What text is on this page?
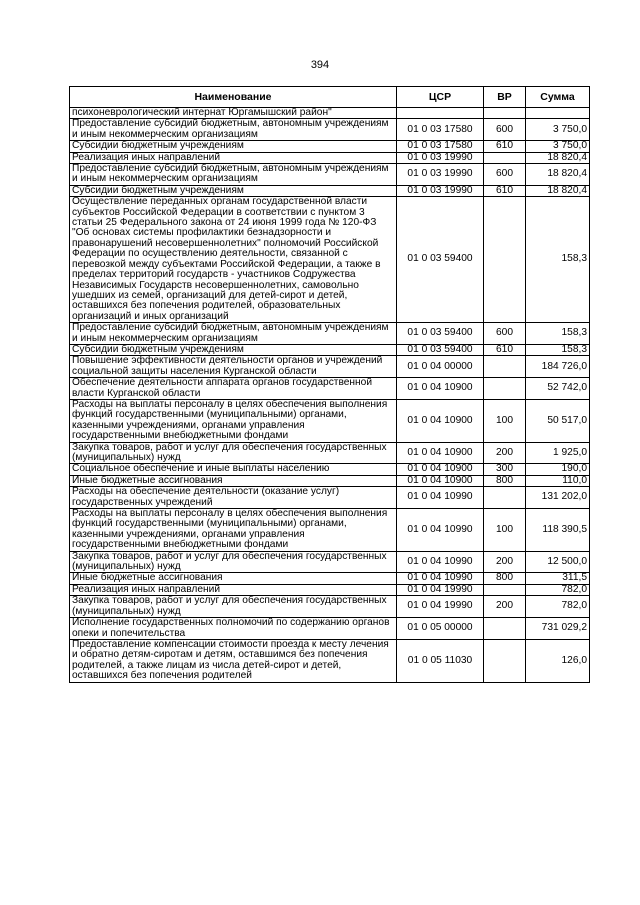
394
Наименование	ЦСР	ВР	Сумма
психоневрологический интернат Юргамышский район"			
Предоставление субсидий бюджетным, автономным учреждениям и иным некоммерческим организациям	01 0 03 17580	600	3 750,0
Субсидии бюджетным учреждениям	01 0 03 17580	610	3 750,0
Реализация иных направлений	01 0 03 19990		18 820,4
Предоставление субсидий бюджетным, автономным учреждениям и иным некоммерческим организациям	01 0 03 19990	600	18 820,4
Субсидии бюджетным учреждениям	01 0 03 19990	610	18 820,4
Осуществление переданных органам государственной власти субъектов Российской Федерации в соответствии с пунктом 3 статьи 25 Федерального закона от 24 июня 1999 года № 120-ФЗ "Об основах системы профилактики безнадзорности и правонарушений несовершеннолетних" полномочий Российской Федерации по осуществлению деятельности, связанной с перевозкой между субъектами Российской Федерации, а также в пределах территорий государств - участников Содружества Независимых Государств несовершеннолетних, самовольно ушедших из семей, организаций для детей-сирот и детей, оставшихся без попечения родителей, образовательных организаций и иных организаций	01 0 03 59400		158,3
Предоставление субсидий бюджетным, автономным учреждениям и иным некоммерческим организациям	01 0 03 59400	600	158,3
Субсидии бюджетным учреждениям	01 0 03 59400	610	158,3
Повышение эффективности деятельности органов и учреждений социальной защиты населения Курганской области	01 0 04 00000		184 726,0
Обеспечение деятельности аппарата органов государственной власти Курганской области	01 0 04 10900		52 742,0
Расходы на выплаты персоналу в целях обеспечения выполнения функций государственными (муниципальными) органами, казенными учреждениями, органами управления государственными внебюджетными фондами	01 0 04 10900	100	50 517,0
Закупка товаров, работ и услуг для обеспечения государственных (муниципальных) нужд	01 0 04 10900	200	1 925,0
Социальное обеспечение и иные выплаты населению	01 0 04 10900	300	190,0
Иные бюджетные ассигнования	01 0 04 10900	800	110,0
Расходы на обеспечение деятельности (оказание услуг) государственных учреждений	01 0 04 10990		131 202,0
Расходы на выплаты персоналу в целях обеспечения выполнения функций государственными (муниципальными) органами, казенными учреждениями, органами управления государственными внебюджетными фондами	01 0 04 10990	100	118 390,5
Закупка товаров, работ и услуг для обеспечения государственных (муниципальных) нужд	01 0 04 10990	200	12 500,0
Иные бюджетные ассигнования	01 0 04 10990	800	311,5
Реализация иных направлений	01 0 04 19990		782,0
Закупка товаров, работ и услуг для обеспечения государственных (муниципальных) нужд	01 0 04 19990	200	782,0
Исполнение государственных полномочий по содержанию органов опеки и попечительства	01 0 05 00000		731 029,2
Предоставление компенсации стоимости проезда к месту лечения и обратно детям-сиротам и детям, оставшимся без попечения родителей, а также лицам из числа детей-сирот и детей, оставшихся без попечения родителей	01 0 05 11030		126,0
